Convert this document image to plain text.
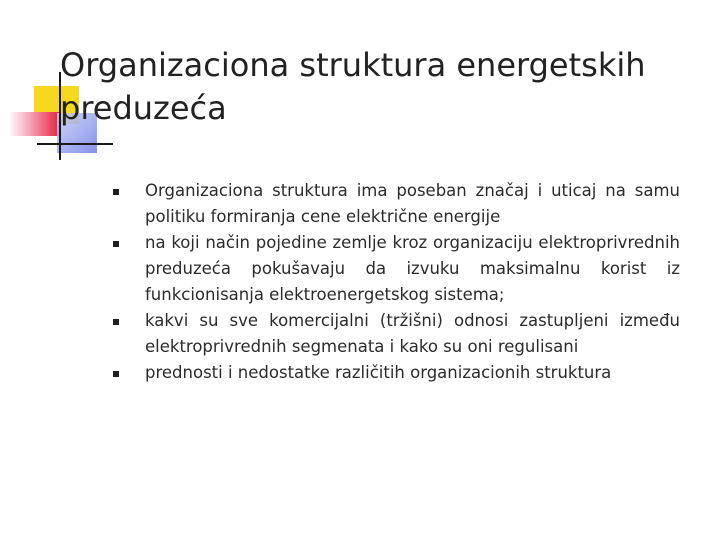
Organizaciona struktura energetskih
preduzeća
Organizaciona struktura ima poseban značaj i uticaj na samu politiku formiranja cene električne energije
na koji način pojedine zemlje kroz organizaciju elektroprivrednih preduzeća pokušavaju da izvuku maksimalnu korist iz funkcionisanja elektroenergetskog sistema;
kakvi su sve komercijalni (tržišni) odnosi zastupljeni između elektroprivrednih segmenata i kako su oni regulisani
prednosti i nedostatke različitih organizacionih struktura
